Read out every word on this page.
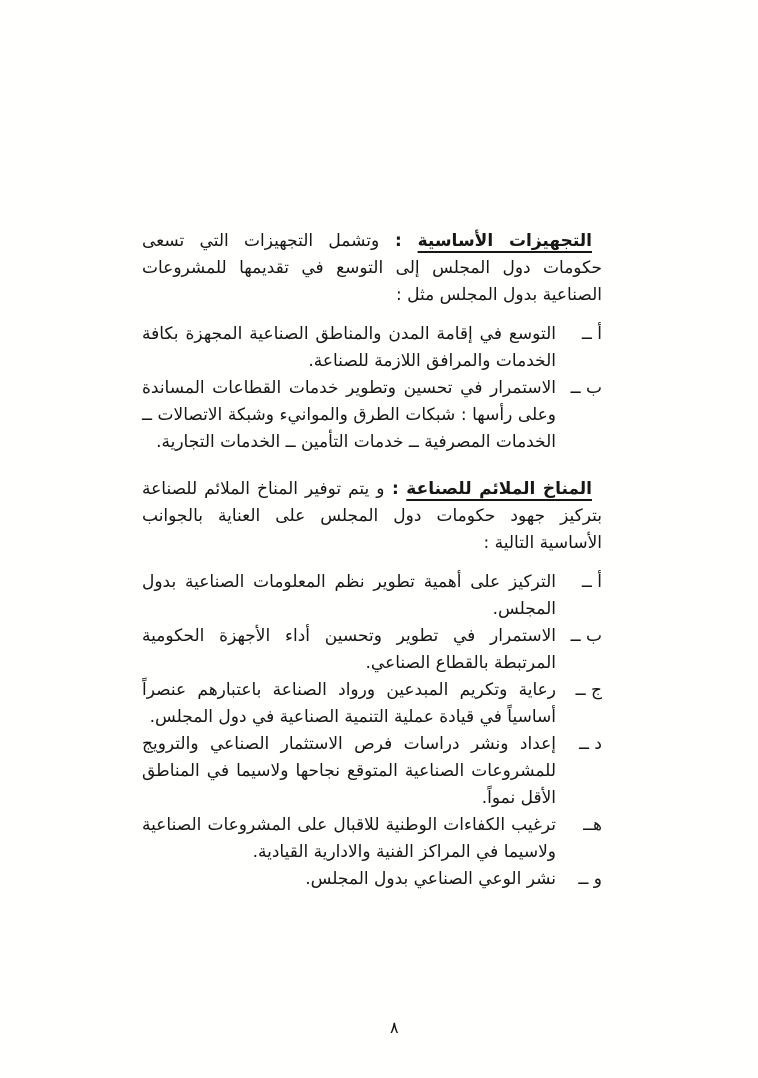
التجهيزات الأساسية : وتشمل التجهيزات التي تسعى حكومات دول المجلس إلى التوسع في تقديمها للمشروعات الصناعية بدول المجلس مثل :

أ ــ
التوسع في إقامة المدن والمناطق الصناعية المجهزة بكافة الخدمات والمرافق اللازمة للصناعة.
ب ــ
الاستمرار في تحسين وتطوير خدمات القطاعات المساندة وعلى رأسها : شبكات الطرق والموانيء وشبكة الاتصالات ــ الخدمات المصرفية ــ خدمات التأمين ــ الخدمات التجارية.

المناخ الملائم للصناعة : و يتم توفير المناخ الملائم للصناعة بتركيز جهود حكومات دول المجلس على العناية بالجوانب الأساسية التالية :

أ ــ
التركيز على أهمية تطوير نظم المعلومات الصناعية بدول المجلس.
ب ــ
الاستمرار في تطوير وتحسين أداء الأجهزة الحكومية المرتبطة بالقطاع الصناعي.
ج ــ
رعاية وتكريم المبدعين ورواد الصناعة باعتبارهم عنصراً أساسياً في قيادة عملية التنمية الصناعية في دول المجلس.
د ــ
إعداد ونشر دراسات فرص الاستثمار الصناعي والترويج للمشروعات الصناعية المتوقع نجاحها ولاسيما في المناطق الأقل نمواً.
هــ
ترغيب الكفاءات الوطنية للاقبال على المشروعات الصناعية ولاسيما في المراكز الفنية والادارية القيادية.
و ــ
نشر الوعي الصناعي بدول المجلس.
٨
